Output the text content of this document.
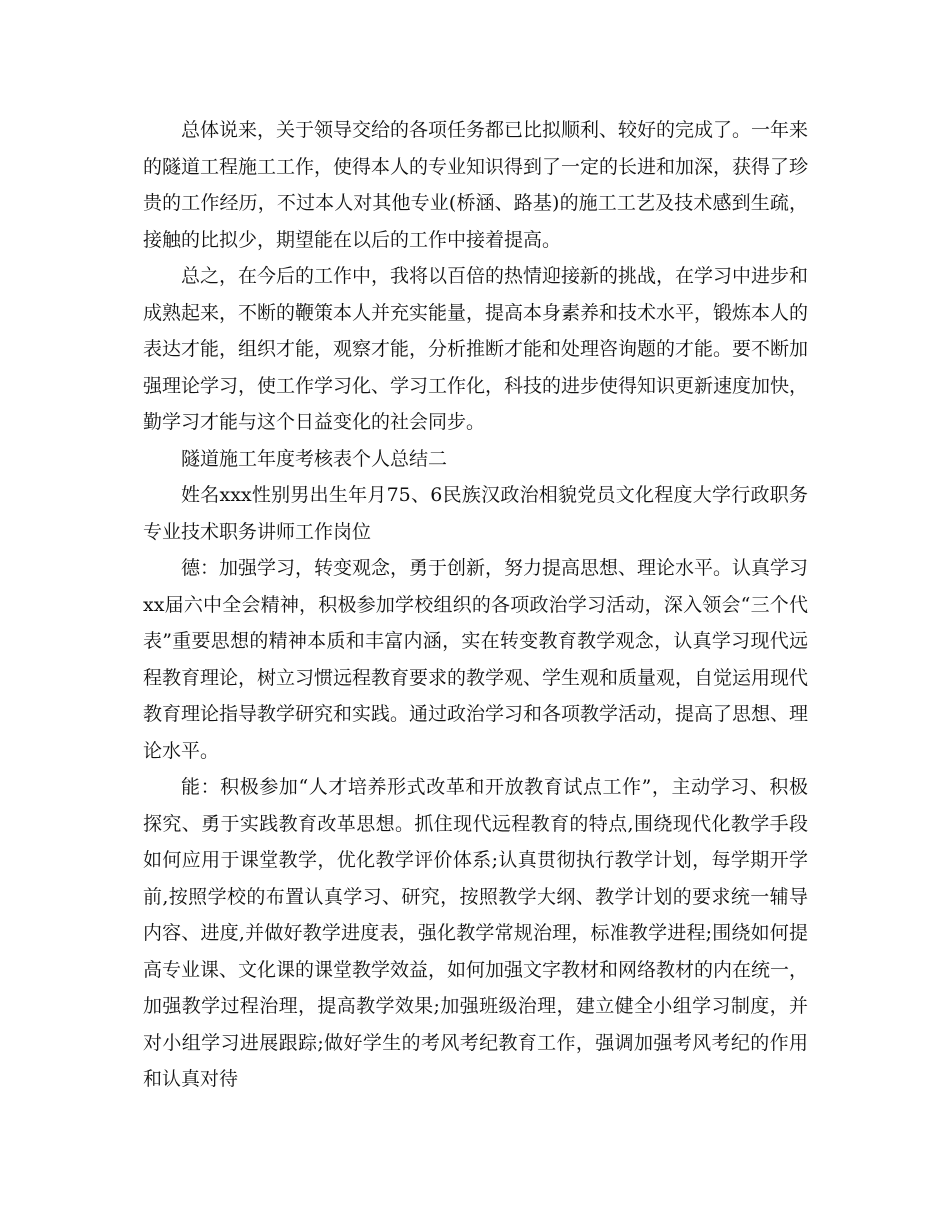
总体说来，关于领导交给的各项任务都已比拟顺利、较好的完成了。一年来的隧道工程施工工作，使得本人的专业知识得到了一定的长进和加深，获得了珍贵的工作经历，不过本人对其他专业(桥涵、路基)的施工工艺及技术感到生疏，接触的比拟少，期望能在以后的工作中接着提高。

总之，在今后的工作中，我将以百倍的热情迎接新的挑战，在学习中进步和成熟起来，不断的鞭策本人并充实能量，提高本身素养和技术水平，锻炼本人的表达才能，组织才能，观察才能，分析推断才能和处理咨询题的才能。要不断加强理论学习，使工作学习化、学习工作化，科技的进步使得知识更新速度加快，勤学习才能与这个日益变化的社会同步。

隧道施工年度考核表个人总结二

姓名xxx性别男出生年月75、6民族汉政治相貌党员文化程度大学行政职务专业技术职务讲师工作岗位

德：加强学习，转变观念，勇于创新，努力提高思想、理论水平。认真学习xx届六中全会精神，积极参加学校组织的各项政治学习活动，深入领会“三个代表”重要思想的精神本质和丰富内涵，实在转变教育教学观念，认真学习现代远程教育理论，树立习惯远程教育要求的教学观、学生观和质量观，自觉运用现代教育理论指导教学研究和实践。通过政治学习和各项教学活动，提高了思想、理论水平。

能：积极参加“人才培养形式改革和开放教育试点工作”，主动学习、积极探究、勇于实践教育改革思想。抓住现代远程教育的特点,围绕现代化教学手段如何应用于课堂教学，优化教学评价体系;认真贯彻执行教学计划，每学期开学前,按照学校的布置认真学习、研究，按照教学大纲、教学计划的要求统一辅导内容、进度,并做好教学进度表，强化教学常规治理，标准教学进程;围绕如何提高专业课、文化课的课堂教学效益，如何加强文字教材和网络教材的内在统一，加强教学过程治理，提高教学效果;加强班级治理，建立健全小组学习制度，并对小组学习进展跟踪;做好学生的考风考纪教育工作，强调加强考风考纪的作用和认真对待
